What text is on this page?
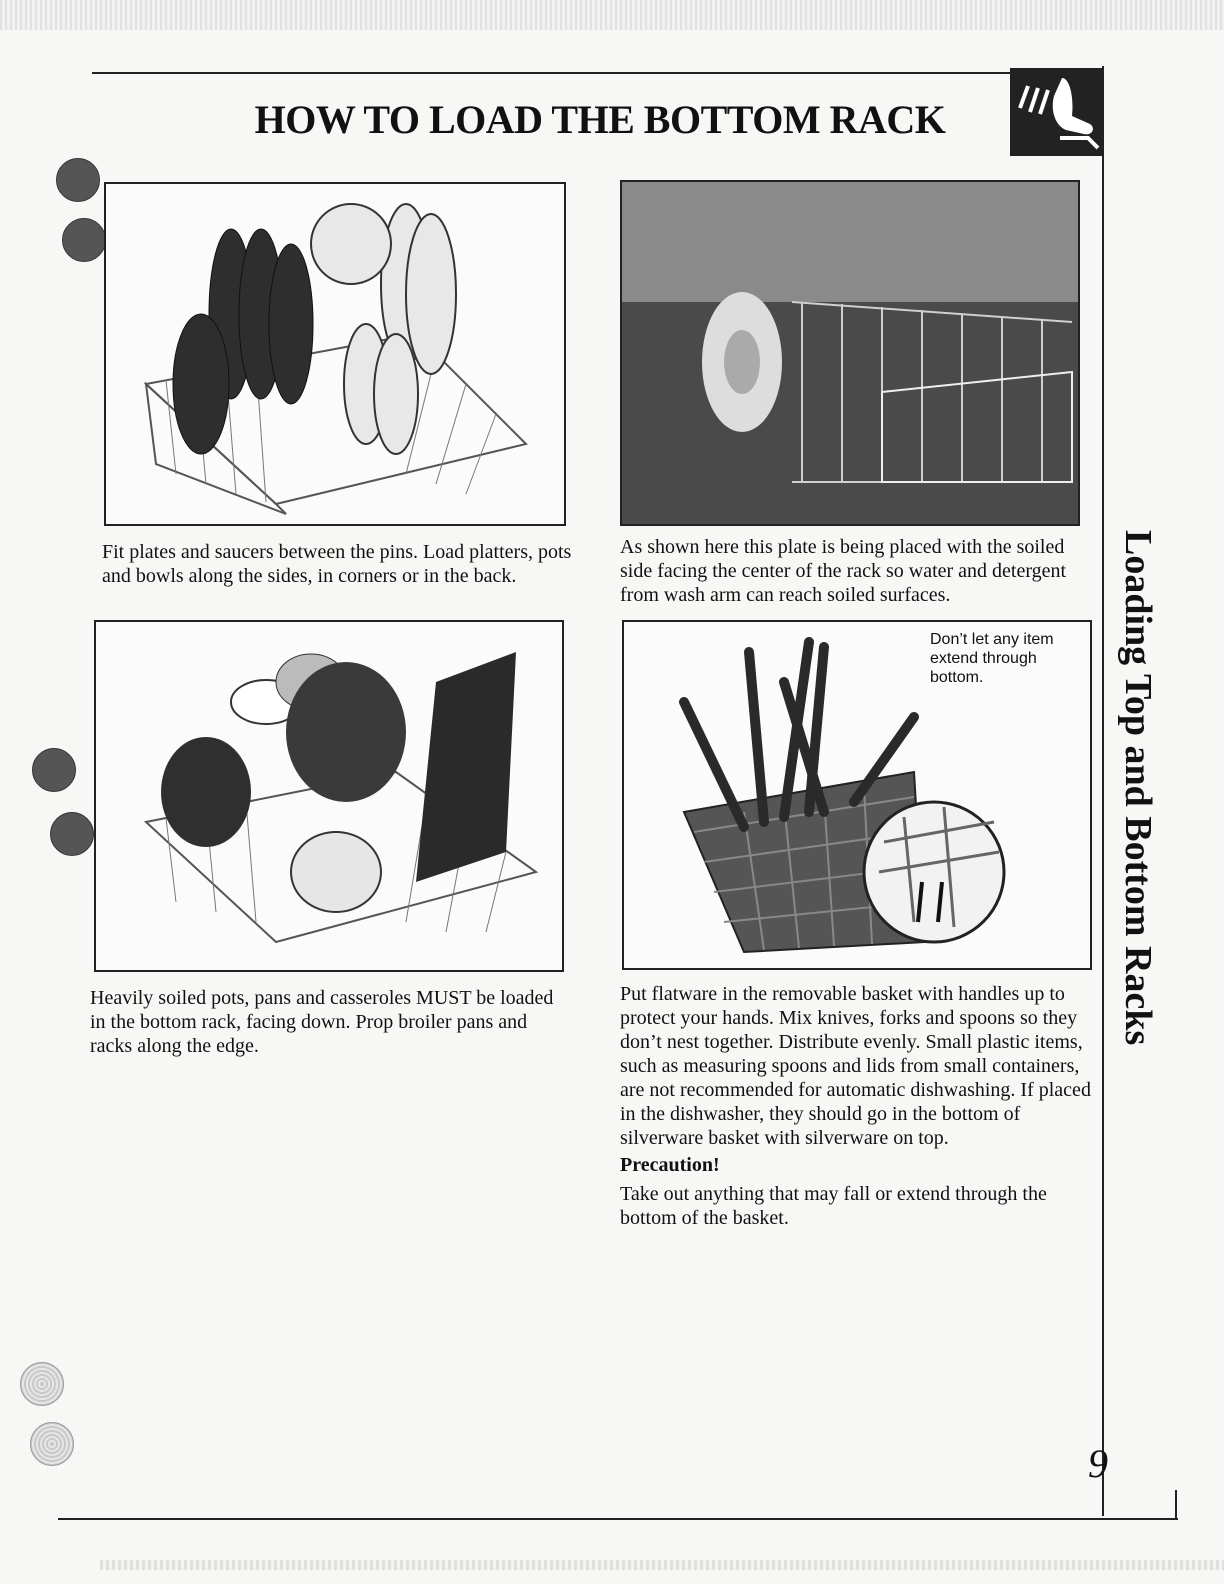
HOW TO LOAD THE BOTTOM RACK
Loading Top and Bottom Racks
Fit plates and saucers between the pins. Load platters, pots and bowls along the sides, in corners or in the back.
As shown here this plate is being placed with the soiled side facing the center of the rack so water and detergent from wash arm can reach soiled surfaces.
Heavily soiled pots, pans and casseroles MUST be loaded in the bottom rack, facing down. Prop broiler pans and racks along the edge.
Don’t let any item extend through bottom.
Put flatware in the removable basket with handles up to protect your hands. Mix knives, forks and spoons so they don’t nest together. Distribute evenly. Small plastic items, such as measuring spoons and lids from small containers, are not recommended for automatic dishwashing. If placed in the dishwasher, they should go in the bottom of silverware basket with silverware on top.
Precaution!
Take out anything that may fall or extend through the bottom of the basket.
9
